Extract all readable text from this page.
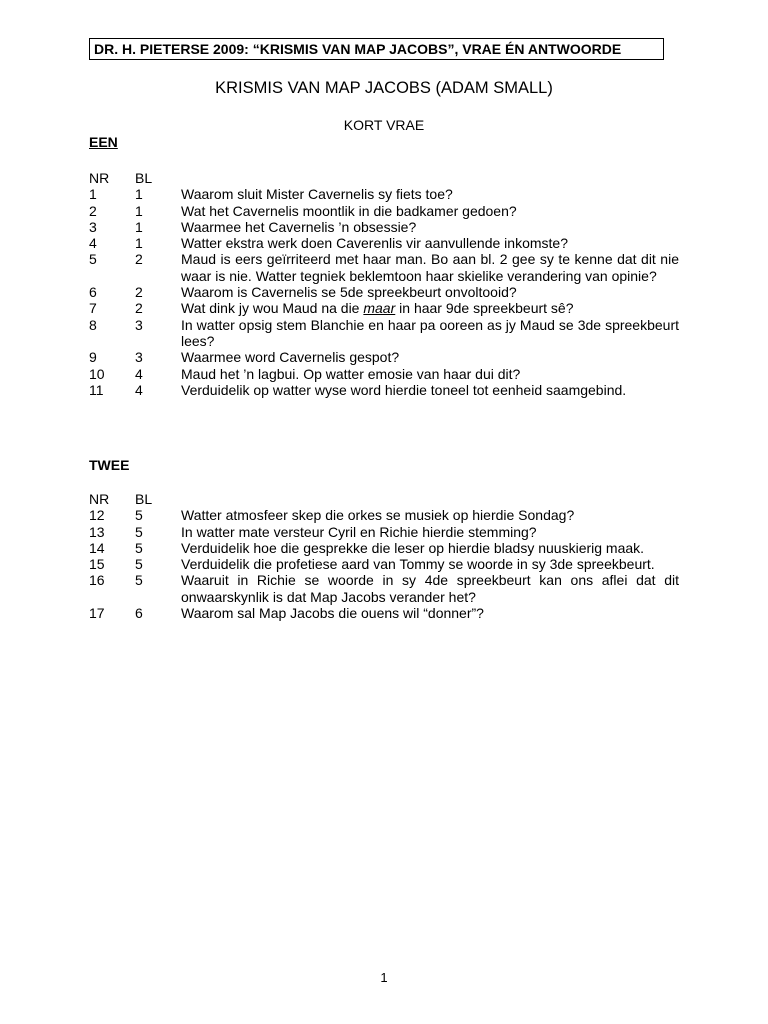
DR. H. PIETERSE 2009: “KRISMIS VAN MAP JACOBS”, VRAE ÉN ANTWOORDE
KRISMIS VAN MAP JACOBS (ADAM SMALL)
KORT VRAE
EEN
NR	BL
1	1	Waarom sluit Mister Cavernelis sy fiets toe?
2	1	Wat het Cavernelis moontlik in die badkamer gedoen?
3	1	Waarmee het Cavernelis ’n obsessie?
4	1	Watter ekstra werk doen Caverenlis vir aanvullende inkomste?
5	2	Maud is eers geïrriteerd met haar man. Bo aan bl. 2 gee sy te kenne dat dit nie waar is nie. Watter tegniek beklemtoon haar skielike verandering van opinie?
6	2	Waarom is Cavernelis se 5de spreekbeurt onvoltooid?
7	2	Wat dink jy wou Maud na die maar in haar 9de spreekbeurt sê?
8	3	In watter opsig stem Blanchie en haar pa ooreen as jy Maud se 3de spreekbeurt lees?
9	3	Waarmee word Cavernelis gespot?
10	4	Maud het ’n lagbui. Op watter emosie van haar dui dit?
11	4	Verduidelik op watter wyse word hierdie toneel tot eenheid saamgebind.
TWEE
NR	BL
12	5	Watter atmosfeer skep die orkes se musiek op hierdie Sondag?
13	5	In watter mate versteur Cyril en Richie hierdie stemming?
14	5	Verduidelik hoe die gesprekke die leser op hierdie bladsy nuuskierig maak.
15	5	Verduidelik die profetiese aard van Tommy se woorde in sy 3de spreekbeurt.
16	5	Waaruit in Richie se woorde in sy 4de spreekbeurt kan ons aflei dat dit onwaarskynlik is dat Map Jacobs verander het?
17	6	Waarom sal Map Jacobs die ouens wil “donner”?
1
